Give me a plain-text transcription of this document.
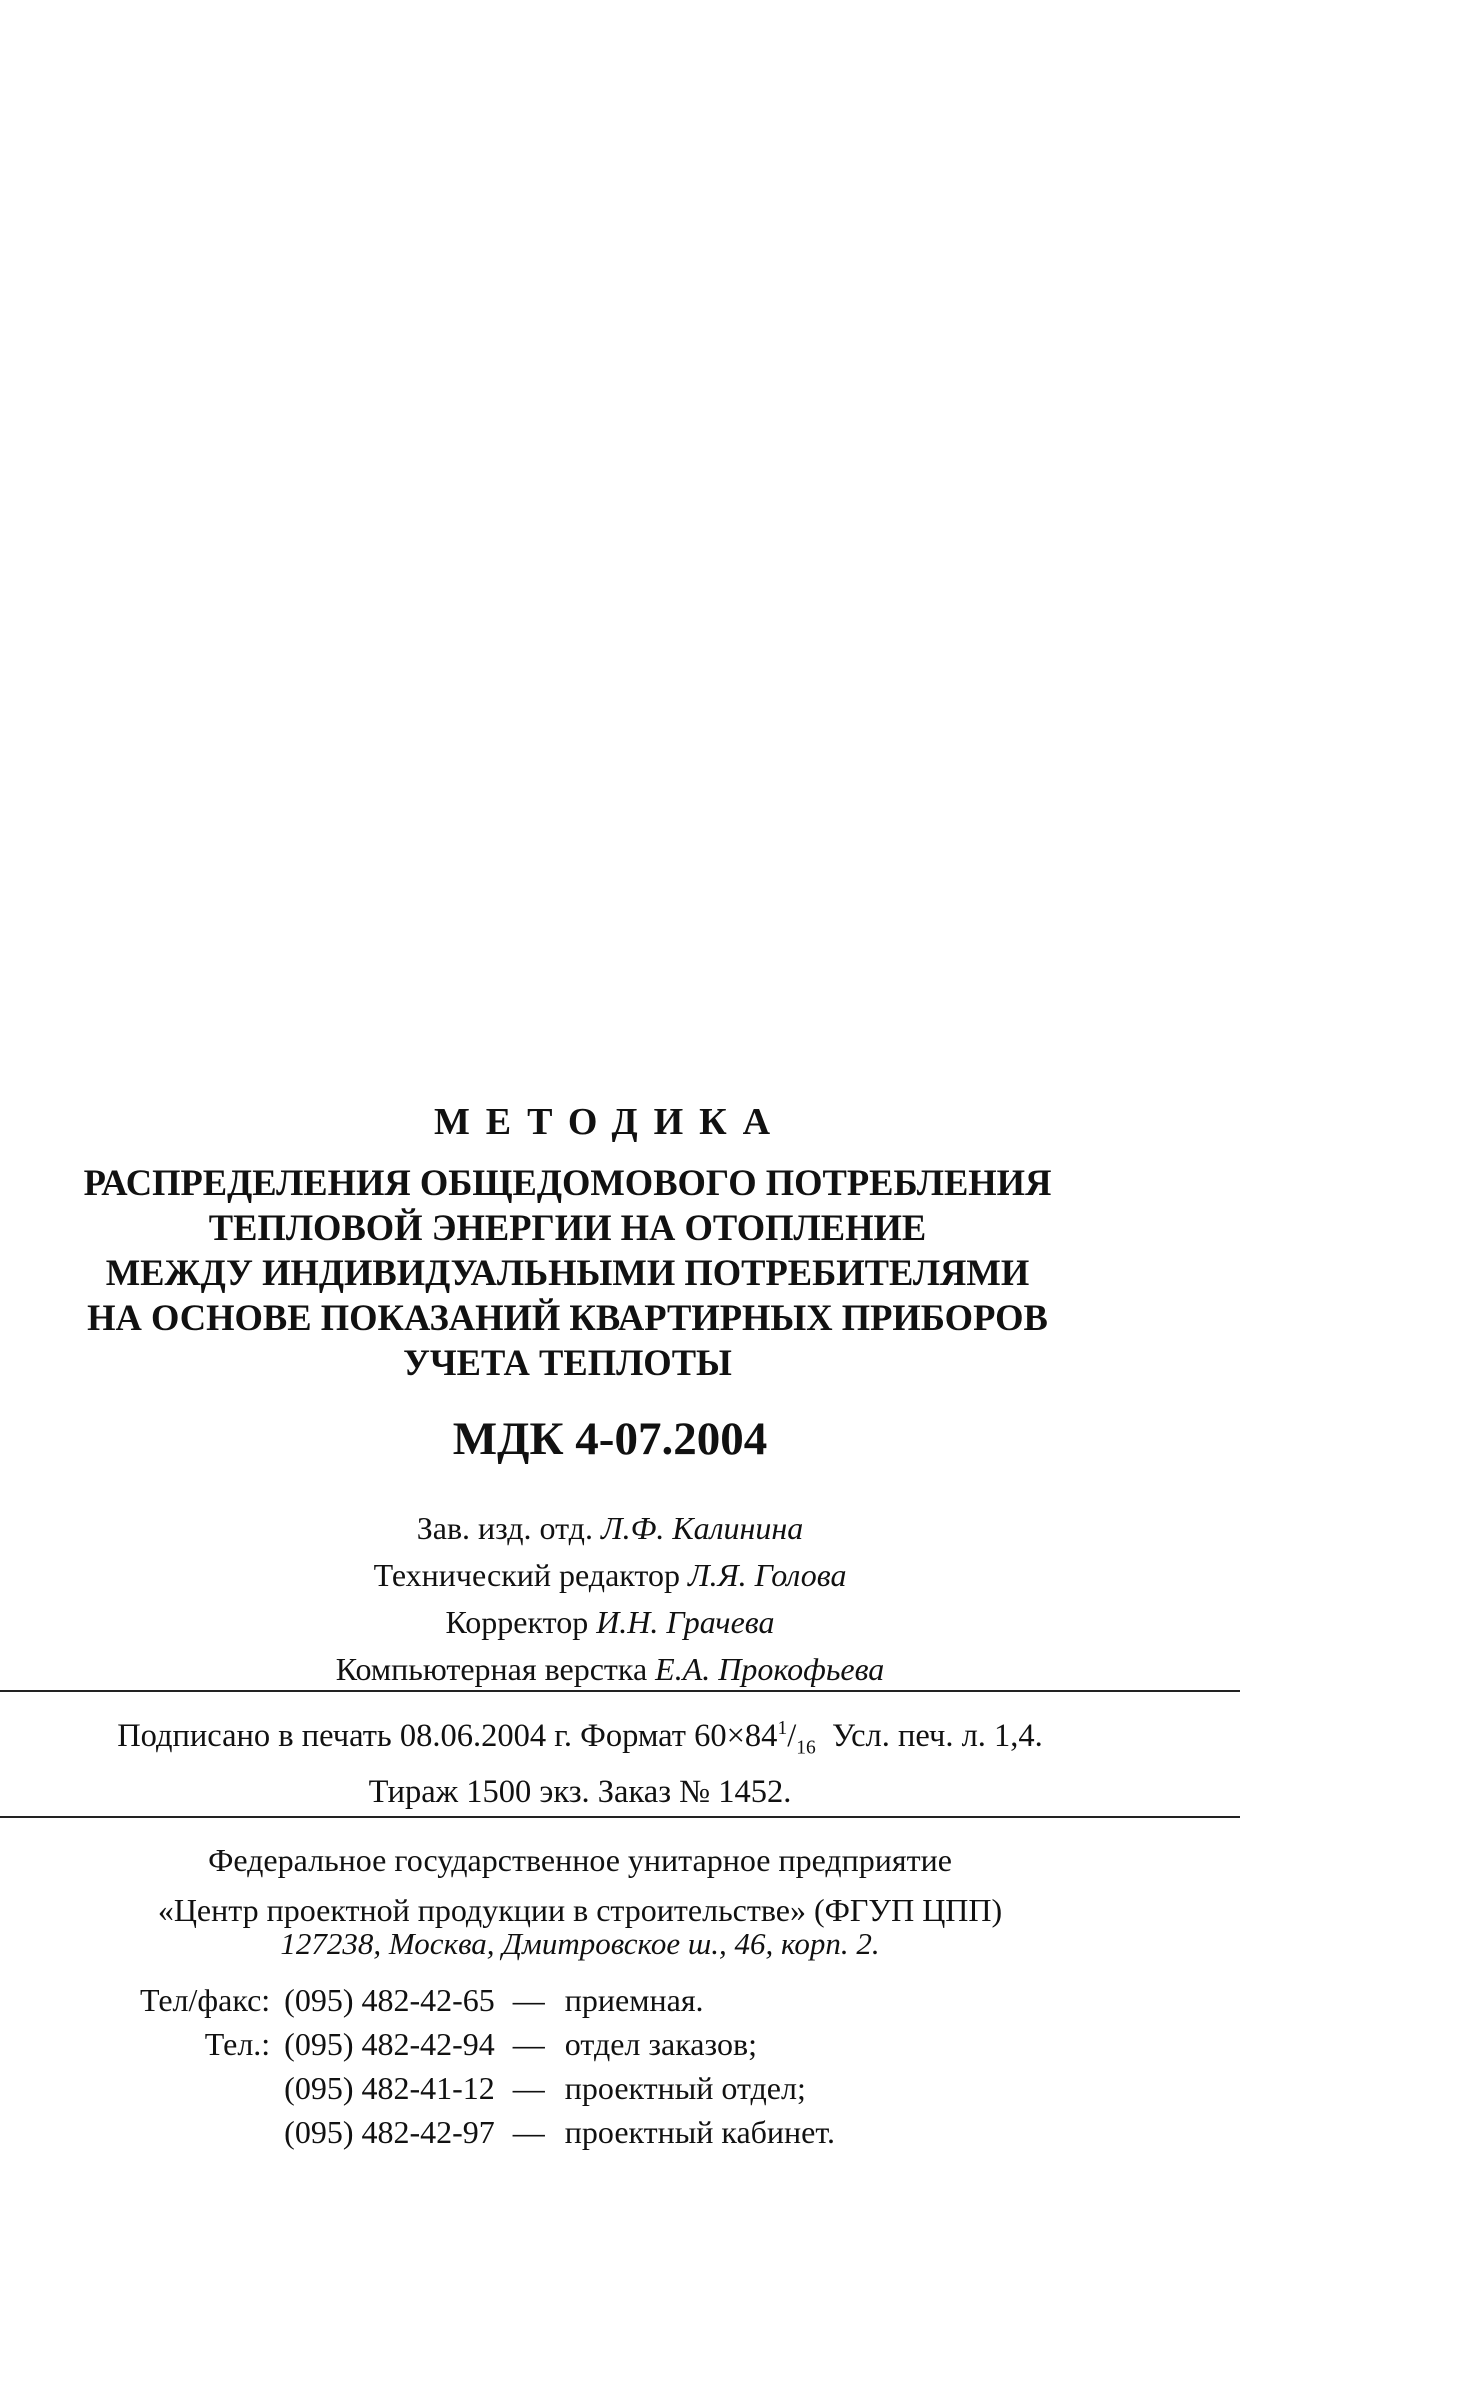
МЕТОДИКА
РАСПРЕДЕЛЕНИЯ ОБЩЕДОМОВОГО ПОТРЕБЛЕНИЯ
ТЕПЛОВОЙ ЭНЕРГИИ НА ОТОПЛЕНИЕ
МЕЖДУ ИНДИВИДУАЛЬНЫМИ ПОТРЕБИТЕЛЯМИ
НА ОСНОВЕ ПОКАЗАНИЙ КВАРТИРНЫХ ПРИБОРОВ
УЧЕТА ТЕПЛОТЫ
МДК 4-07.2004
Зав. изд. отд. Л.Ф. Калинина
Технический редактор Л.Я. Голова
Корректор И.Н. Грачева
Компьютерная верстка Е.А. Прокофьева
Подписано в печать 08.06.2004 г. Формат $60\times 84^1/_{16}$ Усл. печ. л. 1,4.
Тираж 1500 экз. Заказ № 1452.
Федеральное государственное унитарное предприятие
«Центр проектной продукции в строительстве» (ФГУП ЦПП)
127238, Москва, Дмитровское ш., 46, корп. 2.
Тел/факс:	(095) 482-42-65	—	приемная.
Тел.:	(095) 482-42-94	—	отдел заказов;
	(095) 482-41-12	—	проектный отдел;
	(095) 482-42-97	—	проектный кабинет.
